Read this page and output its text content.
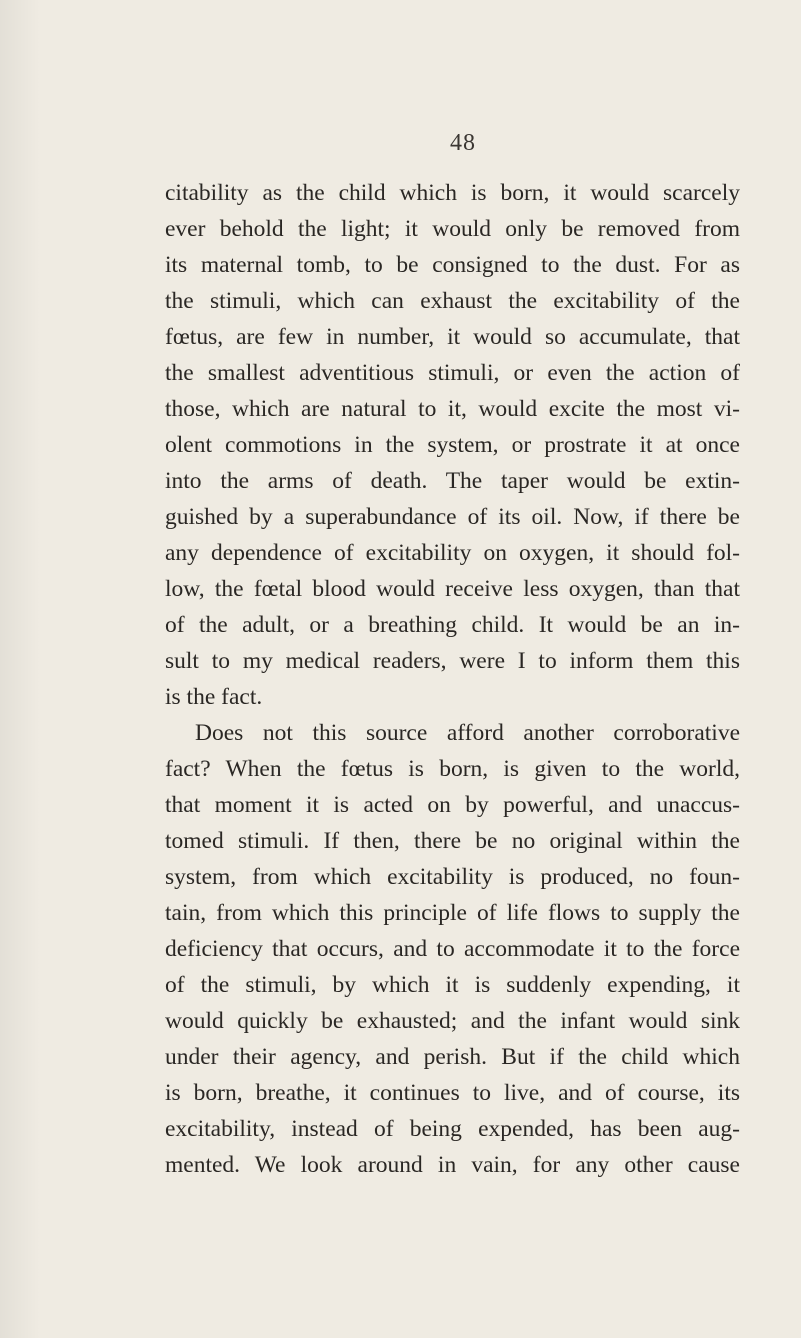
48
citability as the child which is born, it would scarcely
ever behold the light; it would only be removed from
its maternal tomb, to be consigned to the dust. For as
the stimuli, which can exhaust the excitability of the
fœtus, are few in number, it would so accumulate, that
the smallest adventitious stimuli, or even the action of
those, which are natural to it, would excite the most vi-
olent commotions in the system, or prostrate it at once
into the arms of death. The taper would be extin-
guished by a superabundance of its oil. Now, if there be
any dependence of excitability on oxygen, it should fol-
low, the fœtal blood would receive less oxygen, than that
of the adult, or a breathing child. It would be an in-
sult to my medical readers, were I to inform them this
is the fact.
Does not this source afford another corroborative
fact? When the fœtus is born, is given to the world,
that moment it is acted on by powerful, and unaccus-
tomed stimuli. If then, there be no original within the
system, from which excitability is produced, no foun-
tain, from which this principle of life flows to supply the
deficiency that occurs, and to accommodate it to the force
of the stimuli, by which it is suddenly expending, it
would quickly be exhausted; and the infant would sink
under their agency, and perish. But if the child which
is born, breathe, it continues to live, and of course, its
excitability, instead of being expended, has been aug-
mented. We look around in vain, for any other cause
